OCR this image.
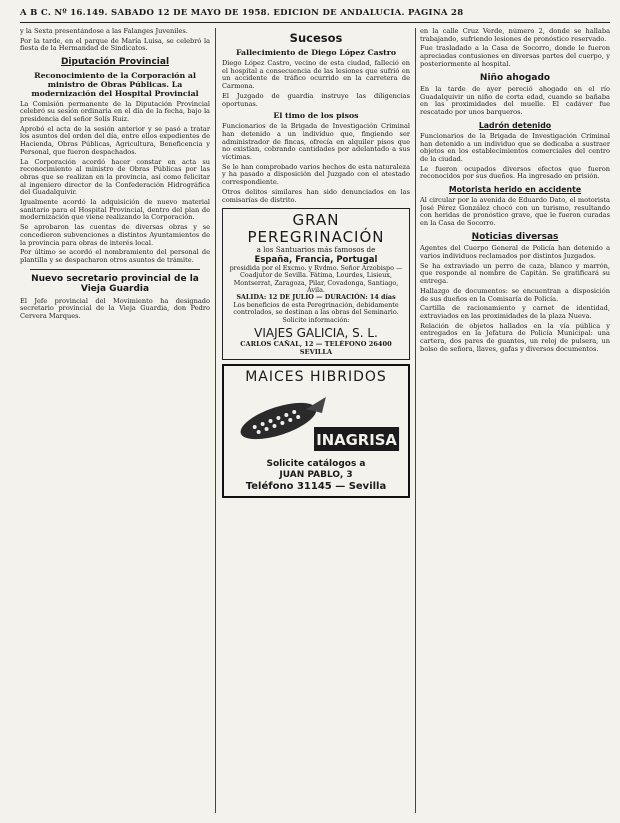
A B C. Nº 16.149. SÁBADO 12 DE MAYO DE 1958. EDICIÓN DE ANDALUCÍA. PÁGINA 28

y la Sexta presentándose a las Falanges Juveniles.

Por la tarde, en el parque de María Luisa, se celebró la fiesta de la Hermandad de Sindicatos.

Diputación Provincial
Reconocimiento de la Corporación al ministro de Obras Públicas. La modernización del Hospital Provincial

La Comisión permanente de la Diputación Provincial celebró su sesión ordinaria en el día de la fecha, bajo la presidencia del señor Solís Ruiz.

Aprobó el acta de la sesión anterior y se pasó a tratar los asuntos del orden del día, entre ellos expedientes de Hacienda, Obras Públicas, Agricultura, Beneficencia y Personal, que fueron despachados.

La Corporación acordó hacer constar en acta su reconocimiento al ministro de Obras Públicas por las obras que se realizan en la provincia, así como felicitar al ingeniero director de la Confederación Hidrográfica del Guadalquivir.

Igualmente acordó la adquisición de nuevo material sanitario para el Hospital Provincial, dentro del plan de modernización que viene realizando la Corporación.

Se aprobaron las cuentas de diversas obras y se concedieron subvenciones a distintos Ayuntamientos de la provincia para obras de interés local.

Por último se acordó el nombramiento del personal de plantilla y se despacharon otros asuntos de trámite.

Nuevo secretario provincial de la Vieja Guardia

El Jefe provincial del Movimiento ha designado secretario provincial de la Vieja Guardia, don Pedro Cervera Marques.

Sucesos
Fallecimiento de Diego López Castro

Diego López Castro, vecino de esta ciudad, falleció en el hospital a consecuencia de las lesiones que sufrió en un accidente de tráfico ocurrido en la carretera de Carmona.

El Juzgado de guardia instruye las diligencias oportunas.

El timo de los pisos

Funcionarios de la Brigada de Investigación Criminal han detenido a un individuo que, fingiendo ser administrador de fincas, ofrecía en alquiler pisos que no existían, cobrando cantidades por adelantado a sus víctimas.

Se le han comprobado varios hechos de esta naturaleza y ha pasado a disposición del Juzgado con el atestado correspondiente.

Otros delitos similares han sido denunciados en las comisarías de distrito.

GRAN PEREGRINACIÓN
a los Santuarios más famosos de
España, Francia, Portugal
presidida por el Excmo. y Rvdmo. Señor Arzobispo — Coadjutor de Sevilla. Fátima, Lourdes, Lisieux, Montserrat, Zaragoza, Pilar, Covadonga, Santiago, Ávila.
SALIDA: 12 DE JULIO — DURACIÓN: 14 días
Los beneficios de esta Peregrinación, debidamente controlados, se destinan a las obras del Seminario. Solicite información:
VIAJES GALICIA, S. L.
CARLOS CAÑAL, 12 — TELÉFONO 26400
SEVILLA
MAICES HIBRIDOS
INAGRISA
Solicite catálogos a
JUAN PABLO, 3
Teléfono 31145 — Sevilla

en la calle Cruz Verde, número 2, donde se hallaba trabajando, sufriendo lesiones de pronóstico reservado.

Fue trasladado a la Casa de Socorro, donde le fueron apreciadas contusiones en diversas partes del cuerpo, y posteriormente al hospital.

Niño ahogado

En la tarde de ayer pereció ahogado en el río Guadalquivir un niño de corta edad, cuando se bañaba en las proximidades del muelle. El cadáver fue rescatado por unos barqueros.

Ladrón detenido

Funcionarios de la Brigada de Investigación Criminal han detenido a un individuo que se dedicaba a sustraer objetos en los establecimientos comerciales del centro de la ciudad.

Le fueron ocupados diversos efectos que fueron reconocidos por sus dueños. Ha ingresado en prisión.

Motorista herido en accidente

Al circular por la avenida de Eduardo Dato, el motorista José Pérez González chocó con un turismo, resultando con heridas de pronóstico grave, que le fueron curadas en la Casa de Socorro.

Noticias diversas

Agentes del Cuerpo General de Policía han detenido a varios individuos reclamados por distintos Juzgados.

Se ha extraviado un perro de caza, blanco y marrón, que responde al nombre de Capitán. Se gratificará su entrega.

Hallazgo de documentos: se encuentran a disposición de sus dueños en la Comisaría de Policía.

Cartilla de racionamiento y carnet de identidad, extraviados en las proximidades de la plaza Nueva.

Relación de objetos hallados en la vía pública y entregados en la Jefatura de Policía Municipal: una cartera, dos pares de guantes, un reloj de pulsera, un bolso de señora, llaves, gafas y diversos documentos.
